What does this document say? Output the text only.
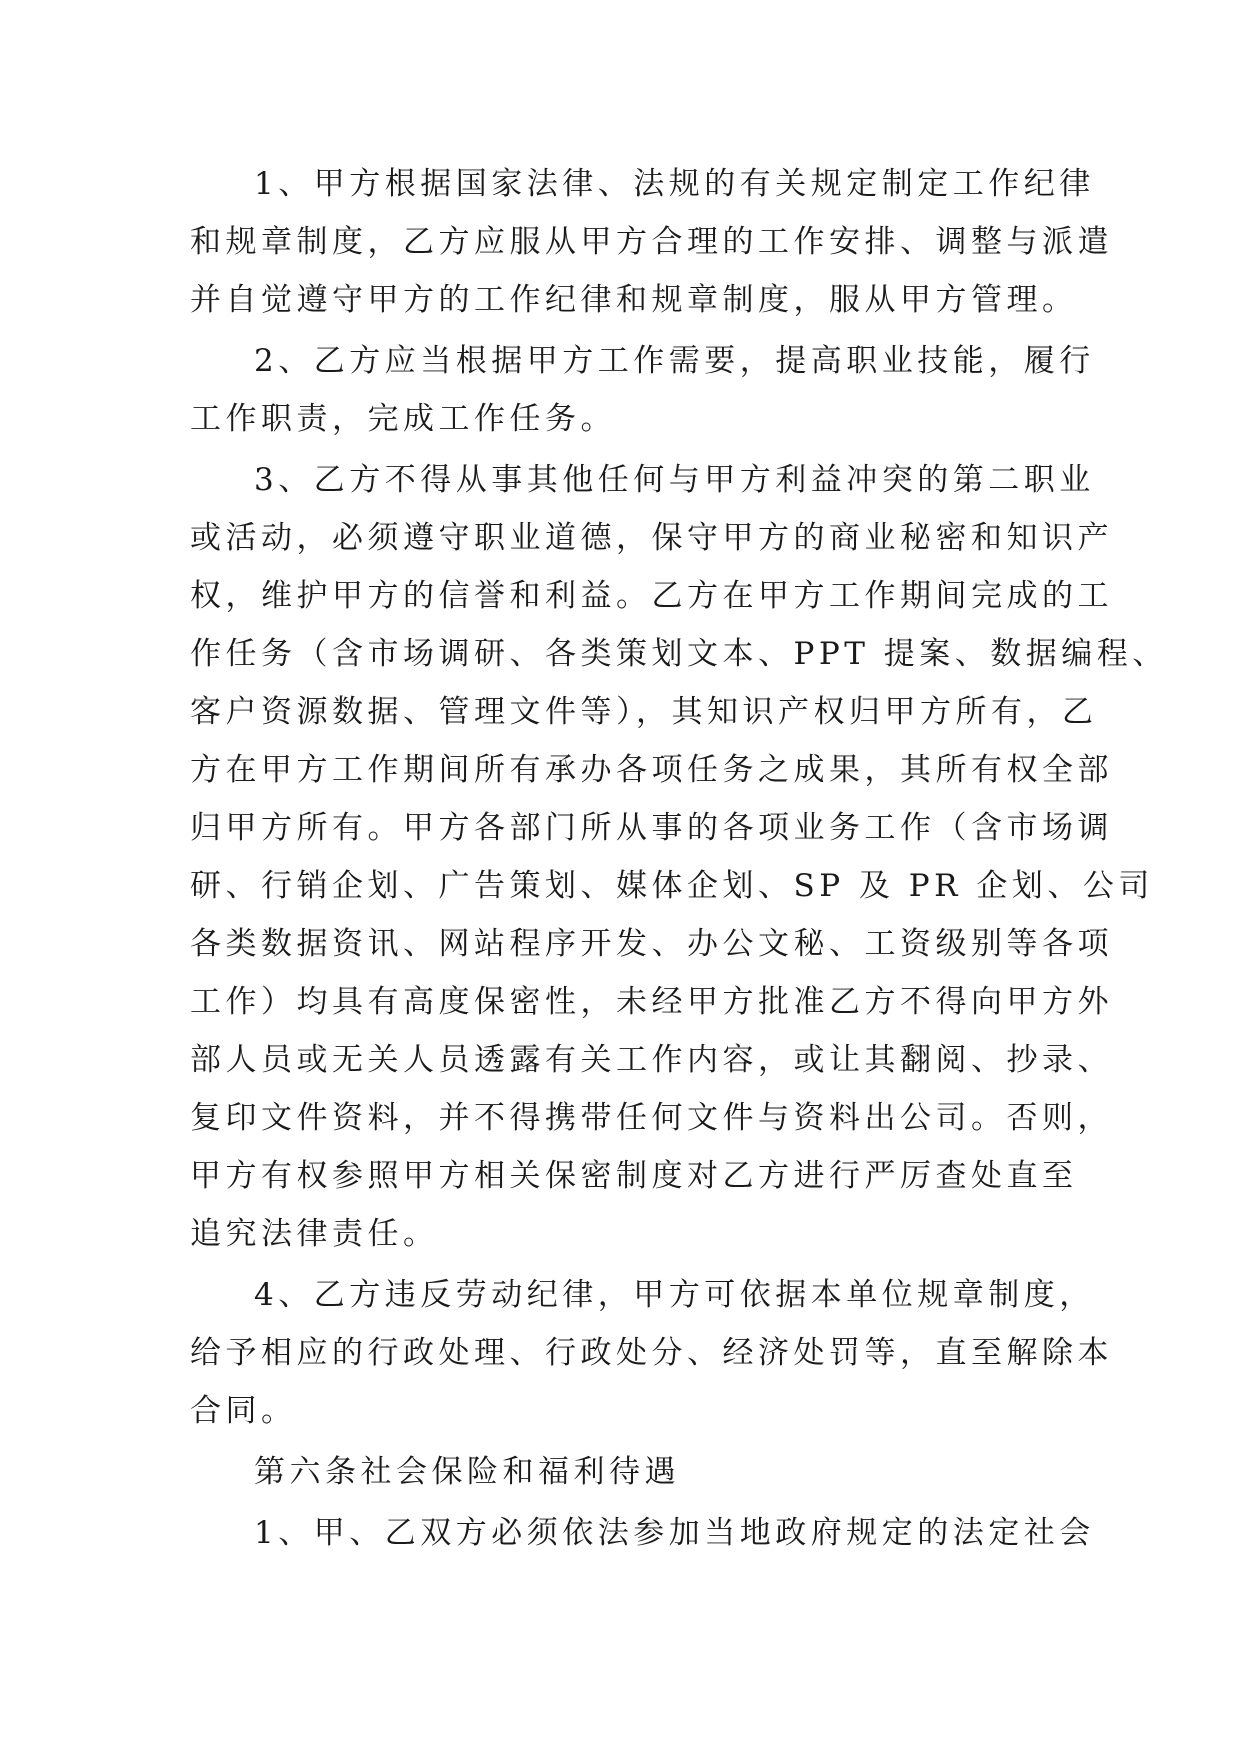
1、甲方根据国家法律、法规的有关规定制定工作纪律
和规章制度，乙方应服从甲方合理的工作安排、调整与派遣
并自觉遵守甲方的工作纪律和规章制度，服从甲方管理。
2、乙方应当根据甲方工作需要，提高职业技能，履行
工作职责，完成工作任务。
3、乙方不得从事其他任何与甲方利益冲突的第二职业
或活动，必须遵守职业道德，保守甲方的商业秘密和知识产
权，维护甲方的信誉和利益。乙方在甲方工作期间完成的工
作任务（含市场调研、各类策划文本、PPT 提案、数据编程、
客户资源数据、管理文件等），其知识产权归甲方所有，乙
方在甲方工作期间所有承办各项任务之成果，其所有权全部
归甲方所有。甲方各部门所从事的各项业务工作（含市场调
研、行销企划、广告策划、媒体企划、SP 及 PR 企划、公司
各类数据资讯、网站程序开发、办公文秘、工资级别等各项
工作）均具有高度保密性，未经甲方批准乙方不得向甲方外
部人员或无关人员透露有关工作内容，或让其翻阅、抄录、
复印文件资料，并不得携带任何文件与资料出公司。否则，
甲方有权参照甲方相关保密制度对乙方进行严厉查处直至
追究法律责任。
4、乙方违反劳动纪律，甲方可依据本单位规章制度，
给予相应的行政处理、行政处分、经济处罚等，直至解除本
合同。
第六条社会保险和福利待遇
1、甲、乙双方必须依法参加当地政府规定的法定社会
